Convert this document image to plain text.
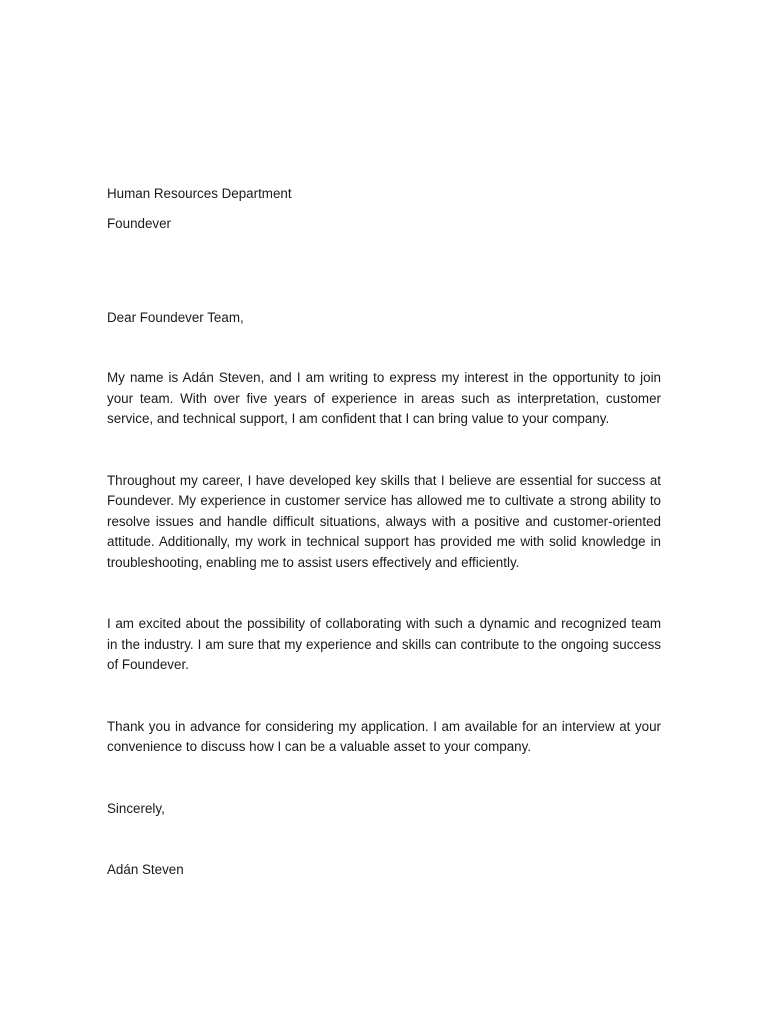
Human Resources Department

Foundever

Dear Foundever Team,

My name is Adán Steven, and I am writing to express my interest in the opportunity to join your team. With over five years of experience in areas such as interpretation, customer service, and technical support, I am confident that I can bring value to your company.

Throughout my career, I have developed key skills that I believe are essential for success at Foundever. My experience in customer service has allowed me to cultivate a strong ability to resolve issues and handle difficult situations, always with a positive and customer-oriented attitude. Additionally, my work in technical support has provided me with solid knowledge in troubleshooting, enabling me to assist users effectively and efficiently.

I am excited about the possibility of collaborating with such a dynamic and recognized team in the industry. I am sure that my experience and skills can contribute to the ongoing success of Foundever.

Thank you in advance for considering my application. I am available for an interview at your convenience to discuss how I can be a valuable asset to your company.

Sincerely,

Adán Steven
